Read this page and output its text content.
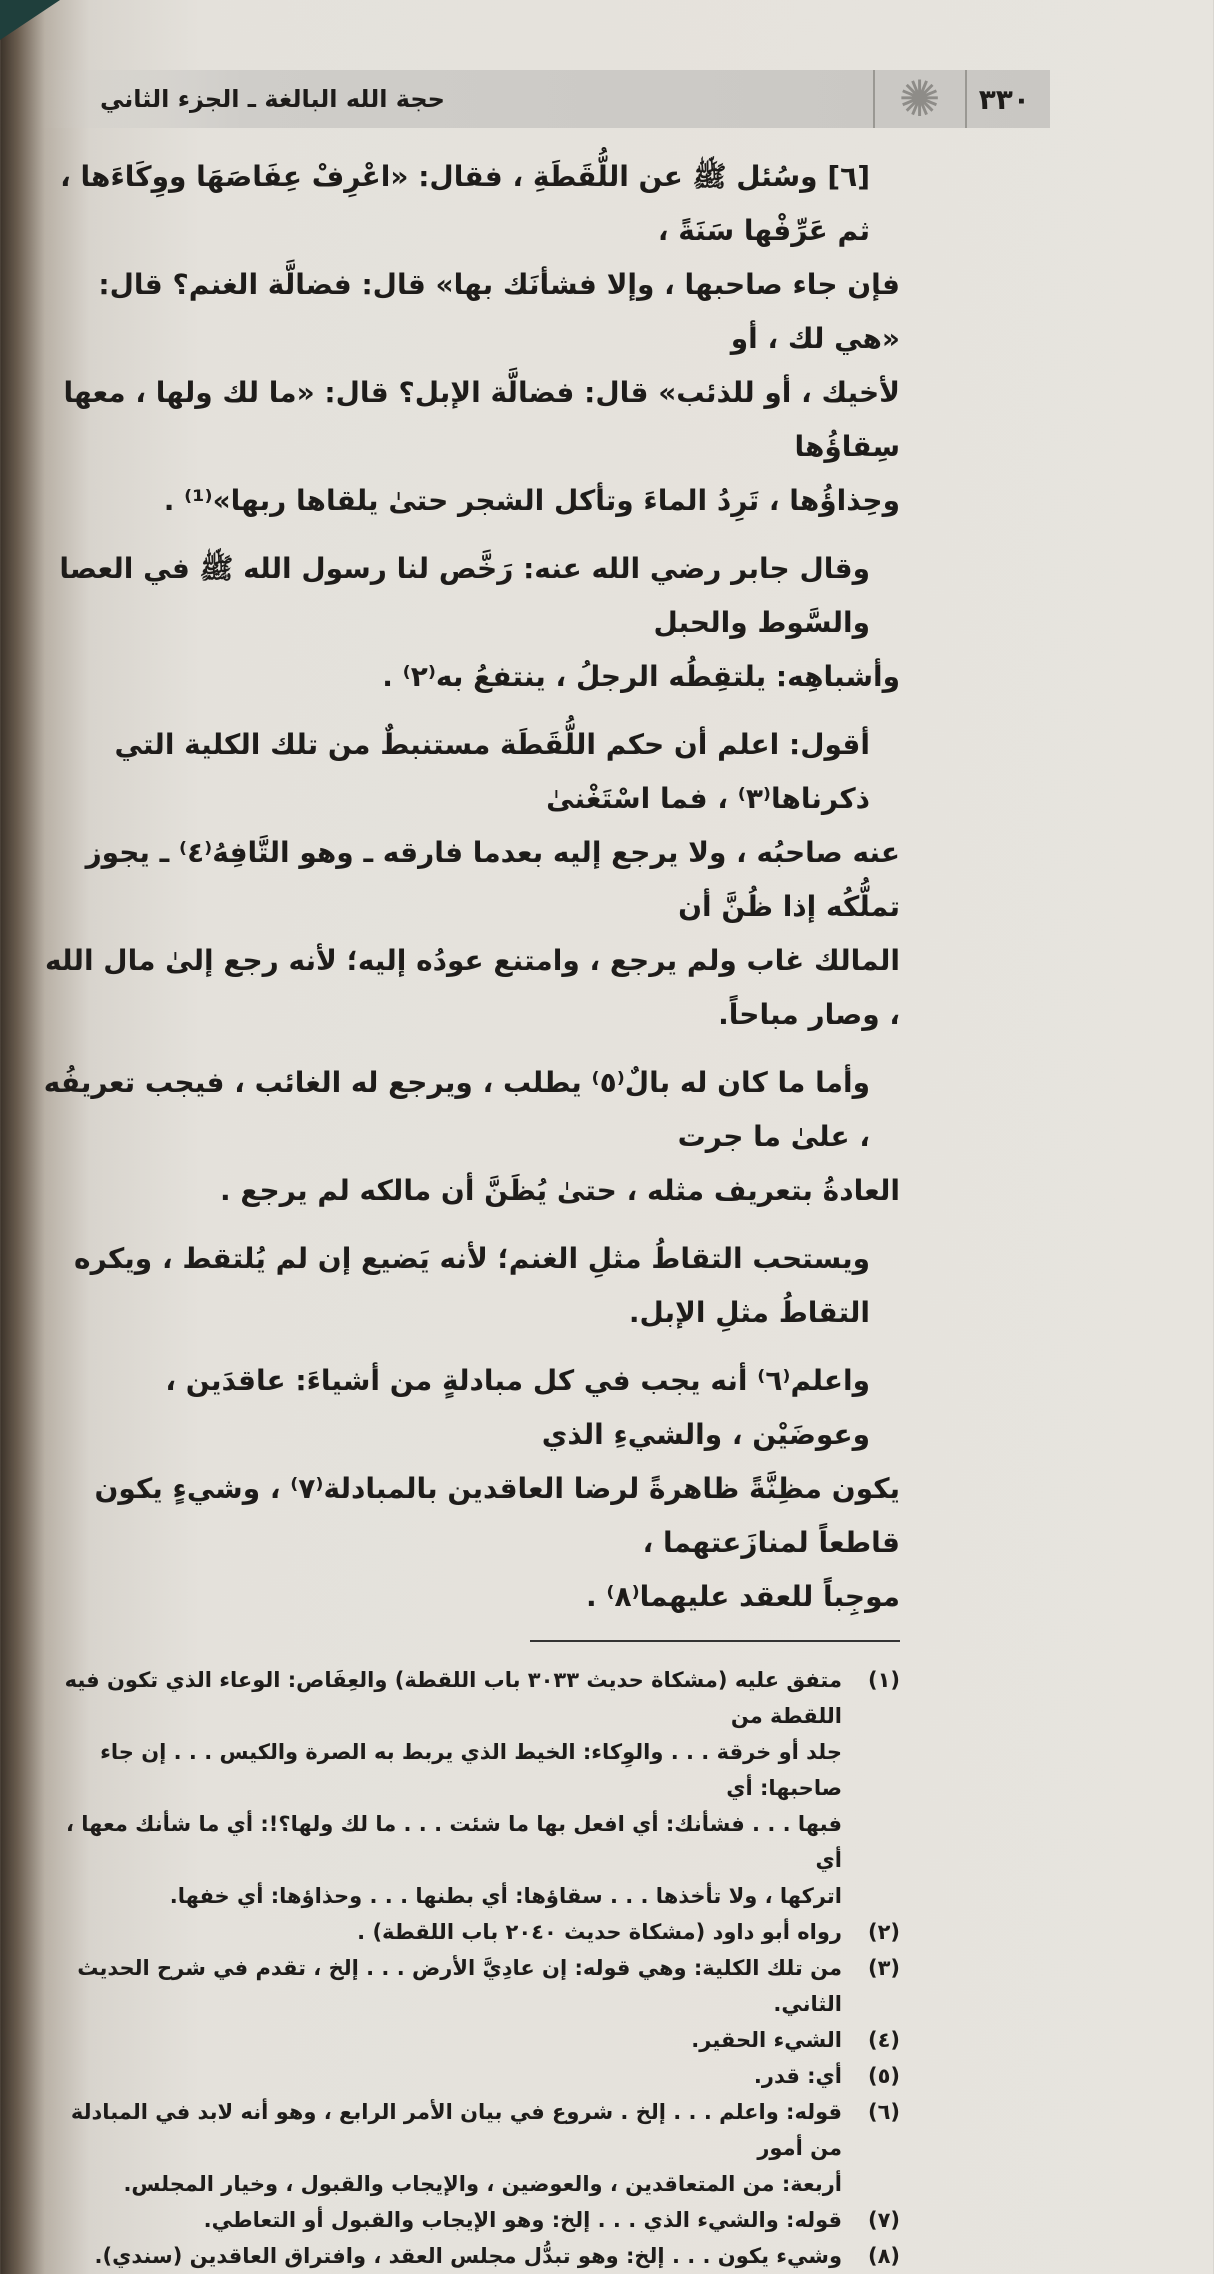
٣٣٠
✺
حجة الله البالغة ـ الجزء الثاني
[٦] وسُئل ﷺ عن اللُّقَطَةِ ، فقال: «اعْرِفْ عِفَاصَهَا ووِكَاءَها ، ثم عَرِّفْها سَنَةً ،
فإن جاء صاحبها ، وإلا فشأنَك بها» قال: فضالَّة الغنم؟ قال: «هي لك ، أو
لأخيك ، أو للذئب» قال: فضالَّة الإبل؟ قال: «ما لك ولها ، معها سِقاؤُها
وحِذاؤُها ، تَرِدُ الماءَ وتأكل الشجر حتىٰ يلقاها ربها»⁽¹⁾ .
وقال جابر رضي الله عنه: رَخَّص لنا رسول الله ﷺ في العصا والسَّوط والحبل
وأشباهِه: يلتقِطُه الرجلُ ، ينتفعُ به⁽٢⁾ .
أقول: اعلم أن حكم اللُّقَطَة مستنبطٌ من تلك الكلية التي ذكرناها⁽٣⁾ ، فما اسْتَغْنىٰ
عنه صاحبُه ، ولا يرجع إليه بعدما فارقه ـ وهو التَّافِهُ⁽٤⁾ ـ يجوز تملُّكُه إذا ظُنَّ أن
المالك غاب ولم يرجع ، وامتنع عودُه إليه؛ لأنه رجع إلىٰ مال الله ، وصار مباحاً.
وأما ما كان له بالٌ⁽٥⁾ يطلب ، ويرجع له الغائب ، فيجب تعريفُه ، علىٰ ما جرت
العادةُ بتعريف مثله ، حتىٰ يُظَنَّ أن مالكه لم يرجع .
ويستحب التقاطُ مثلِ الغنم؛ لأنه يَضيع إن لم يُلتقط ، ويكره التقاطُ مثلِ الإبل.
واعلم⁽٦⁾ أنه يجب في كل مبادلةٍ من أشياءَ: عاقدَين ، وعوضَيْن ، والشيءِ الذي
يكون مظِنَّةً ظاهرةً لرضا العاقدين بالمبادلة⁽٧⁾ ، وشيءٍ يكون قاطعاً لمنازَعتهما ،
موجِباً للعقد عليهما⁽٨⁾ .
(١)
متفق عليه (مشكاة حديث ٣٠٣٣ باب اللقطة) والعِفَاص: الوعاء الذي تكون فيه اللقطة من
جلد أو خرقة . . . والوِكاء: الخيط الذي يربط به الصرة والكيس . . . إن جاء صاحبها: أي
فبها . . . فشأنك: أي افعل بها ما شئت . . . ما لك ولها؟!: أي ما شأنك معها ، أي
اتركها ، ولا تأخذها . . . سقاؤها: أي بطنها . . . وحذاؤها: أي خفها.
(٢)
رواه أبو داود (مشكاة حديث ٢٠٤٠ باب اللقطة) .
(٣)
من تلك الكلية: وهي قوله: إن عادِيَّ الأرض . . . إلخ ، تقدم في شرح الحديث الثاني.
(٤)
الشيء الحقير.
(٥)
أي: قدر.
(٦)
قوله: واعلم . . . إلخ . شروع في بيان الأمر الرابع ، وهو أنه لابد في المبادلة من أمور
أربعة: من المتعاقدين ، والعوضين ، والإيجاب والقبول ، وخيار المجلس.
(٧)
قوله: والشيء الذي . . . إلخ: وهو الإيجاب والقبول أو التعاطي.
(٨)
وشيء يكون . . . إلخ: وهو تبدُّل مجلس العقد ، وافتراق العاقدين (سندي).
